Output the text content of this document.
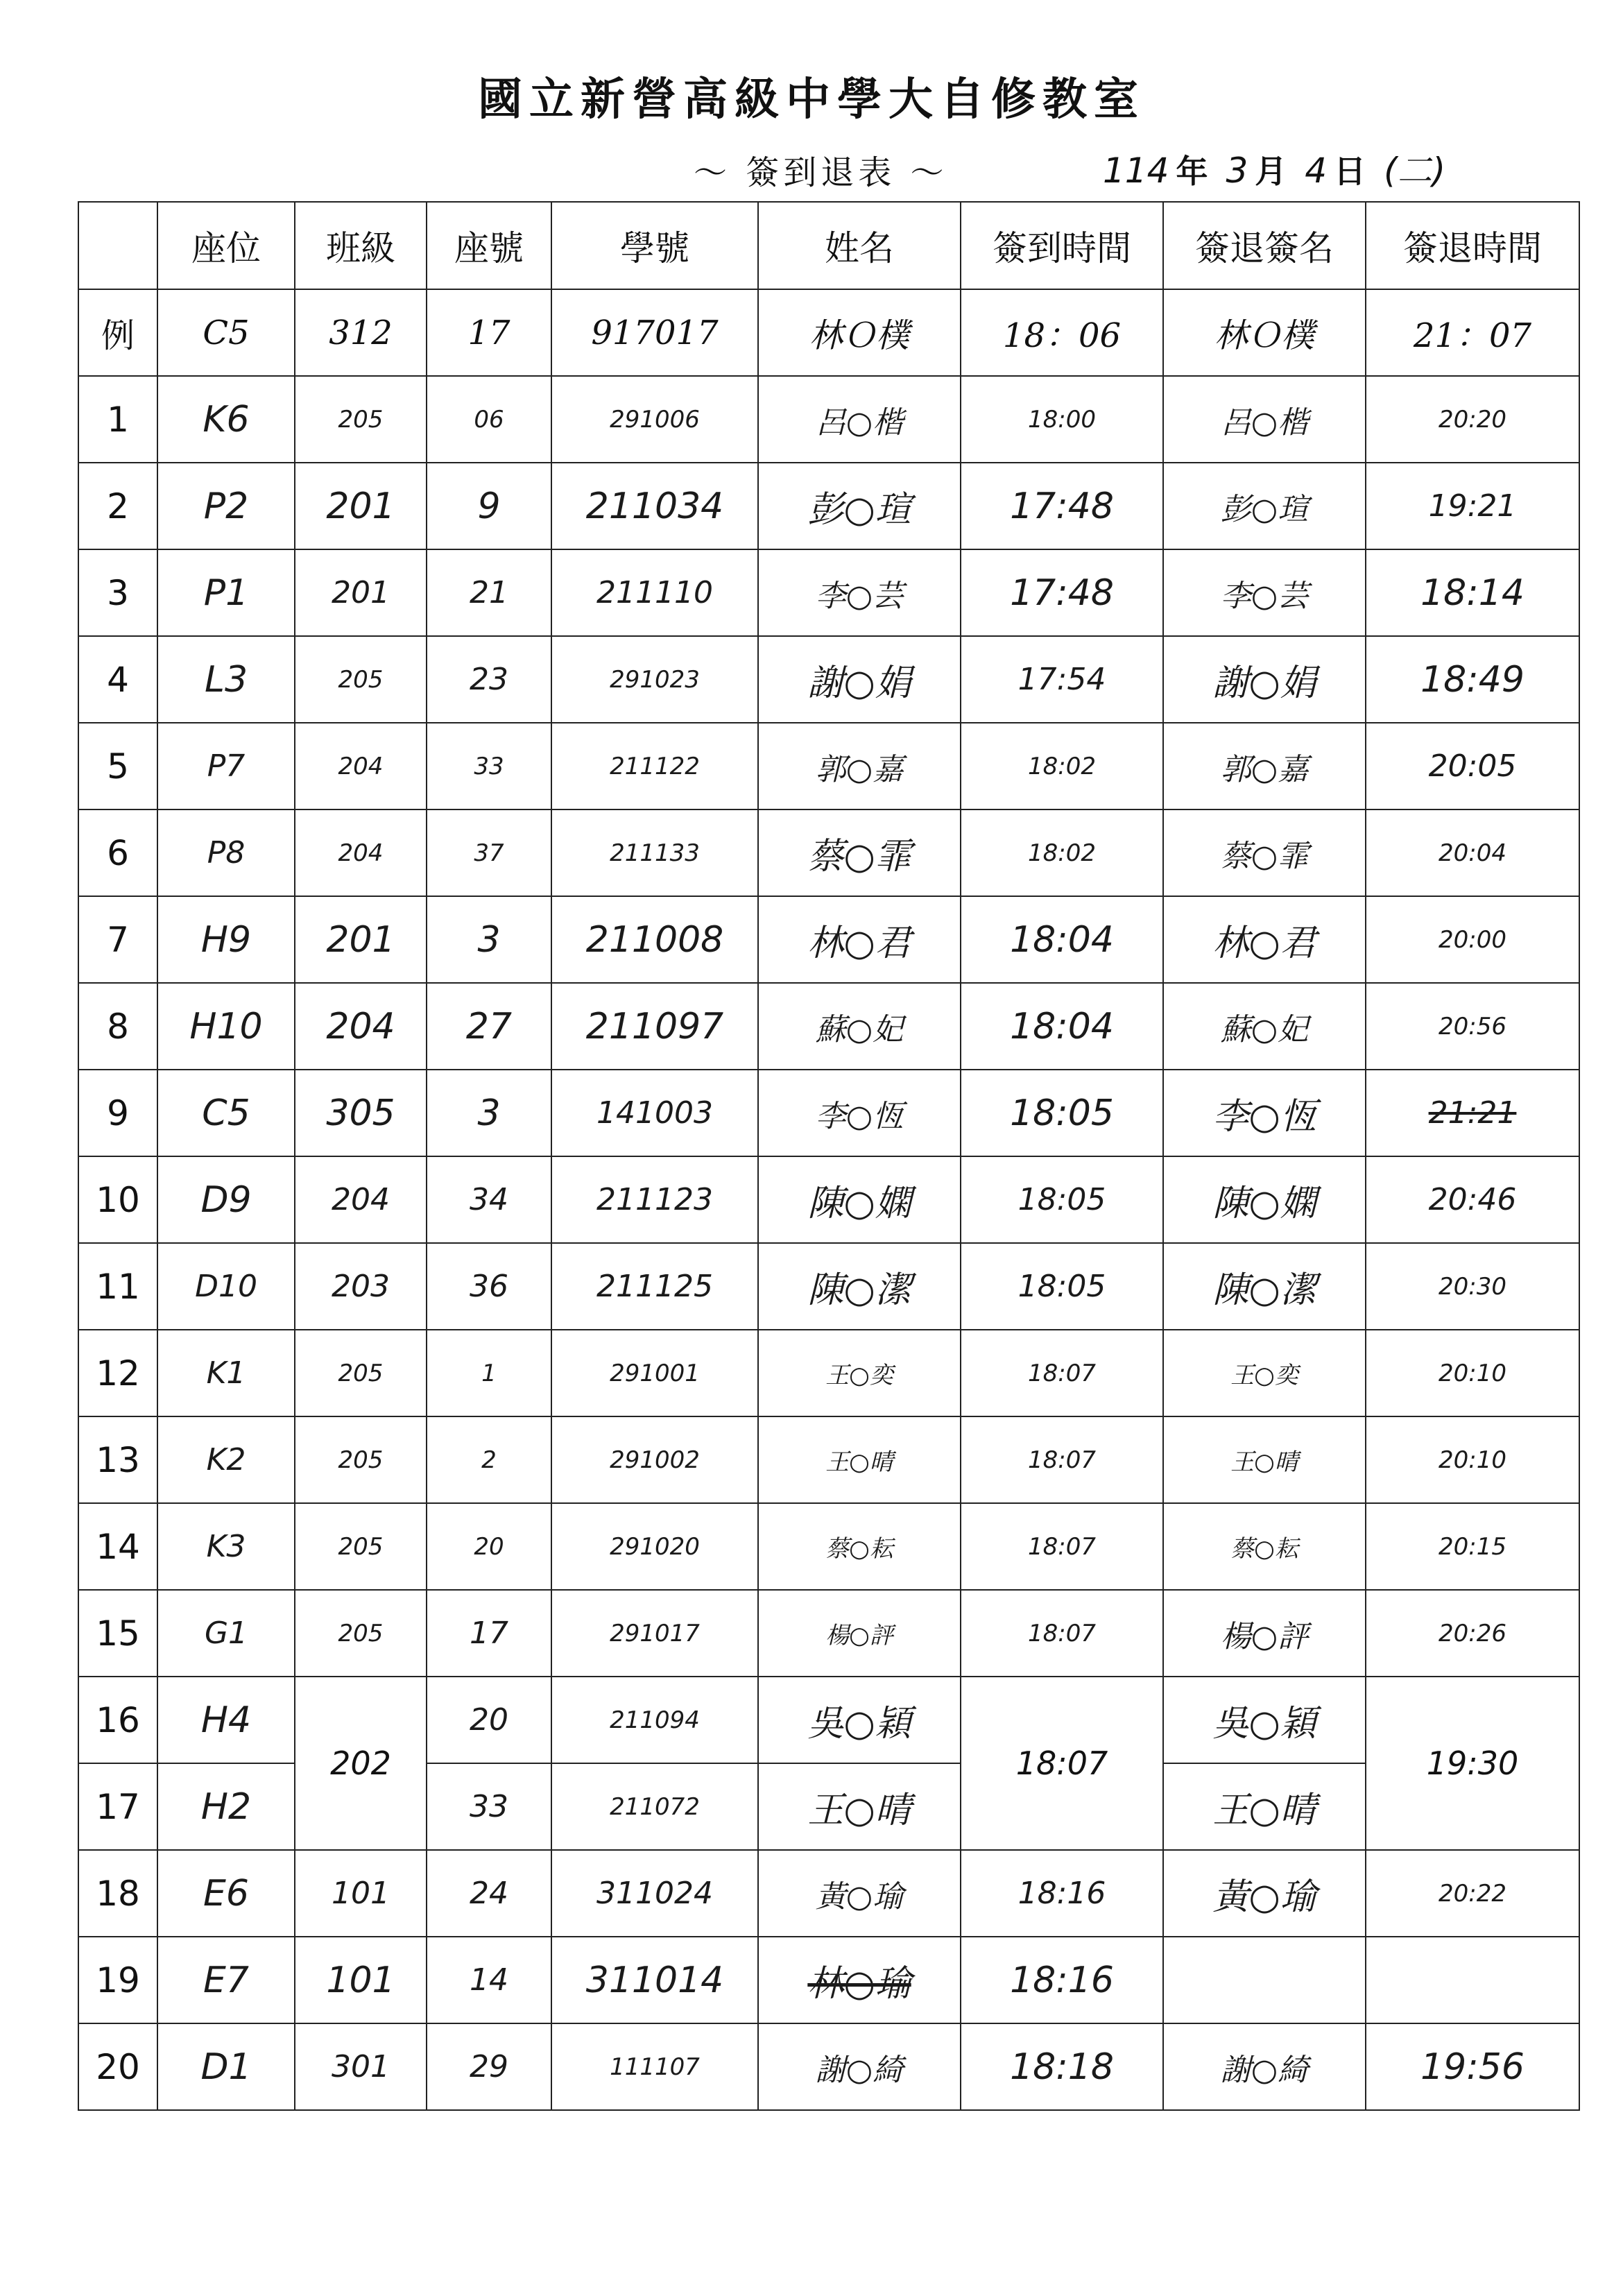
國立新營高級中學大自修教室
～ 簽到退表 ～	114 年 3 月 4 日 (二)
	座位	班級	座號	學號	姓名	簽到時間	簽退簽名	簽退時間
例	C5	312	17	917017	林Ｏ樸	18：06	林Ｏ樸	21：07
1	K6	205	06	291006	呂○楷	18:00	呂○楷	20:20
2	P2	201	9	211034	彭○瑄	17:48	彭○瑄	19:21
3	P1	201	21	211110	李○芸	17:48	李○芸	18:14
4	L3	205	23	291023	謝○娟	17:54	謝○娟	18:49
5	P7	204	33	211122	郭○嘉	18:02	郭○嘉	20:05
6	P8	204	37	211133	蔡○霏	18:02	蔡○霏	20:04
7	H9	201	3	211008	林○君	18:04	林○君	20:00
8	H10	204	27	211097	蘇○妃	18:04	蘇○妃	20:56
9	C5	305	3	141003	李○恆	18:05	李○恆	21:21
10	D9	204	34	211123	陳○嫻	18:05	陳○嫻	20:46
11	D10	203	36	211125	陳○潔	18:05	陳○潔	20:30
12	K1	205	1	291001	王○奕	18:07	王○奕	20:10
13	K2	205	2	291002	王○晴	18:07	王○晴	20:10
14	K3	205	20	291020	蔡○耘	18:07	蔡○耘	20:15
15	G1	205	17	291017	楊○評	18:07	楊○評	20:26
16	H4	202	20	211094	吳○穎	18:07	吳○穎	19:30
17	H2		33	211072	王○晴		王○晴	
18	E6	101	24	311024	黃○瑜	18:16	黃○瑜	20:22
19	E7	101	14	311014	林○瑜	18:16		
20	D1	301	29	111107	謝○綺	18:18	謝○綺	19:56
